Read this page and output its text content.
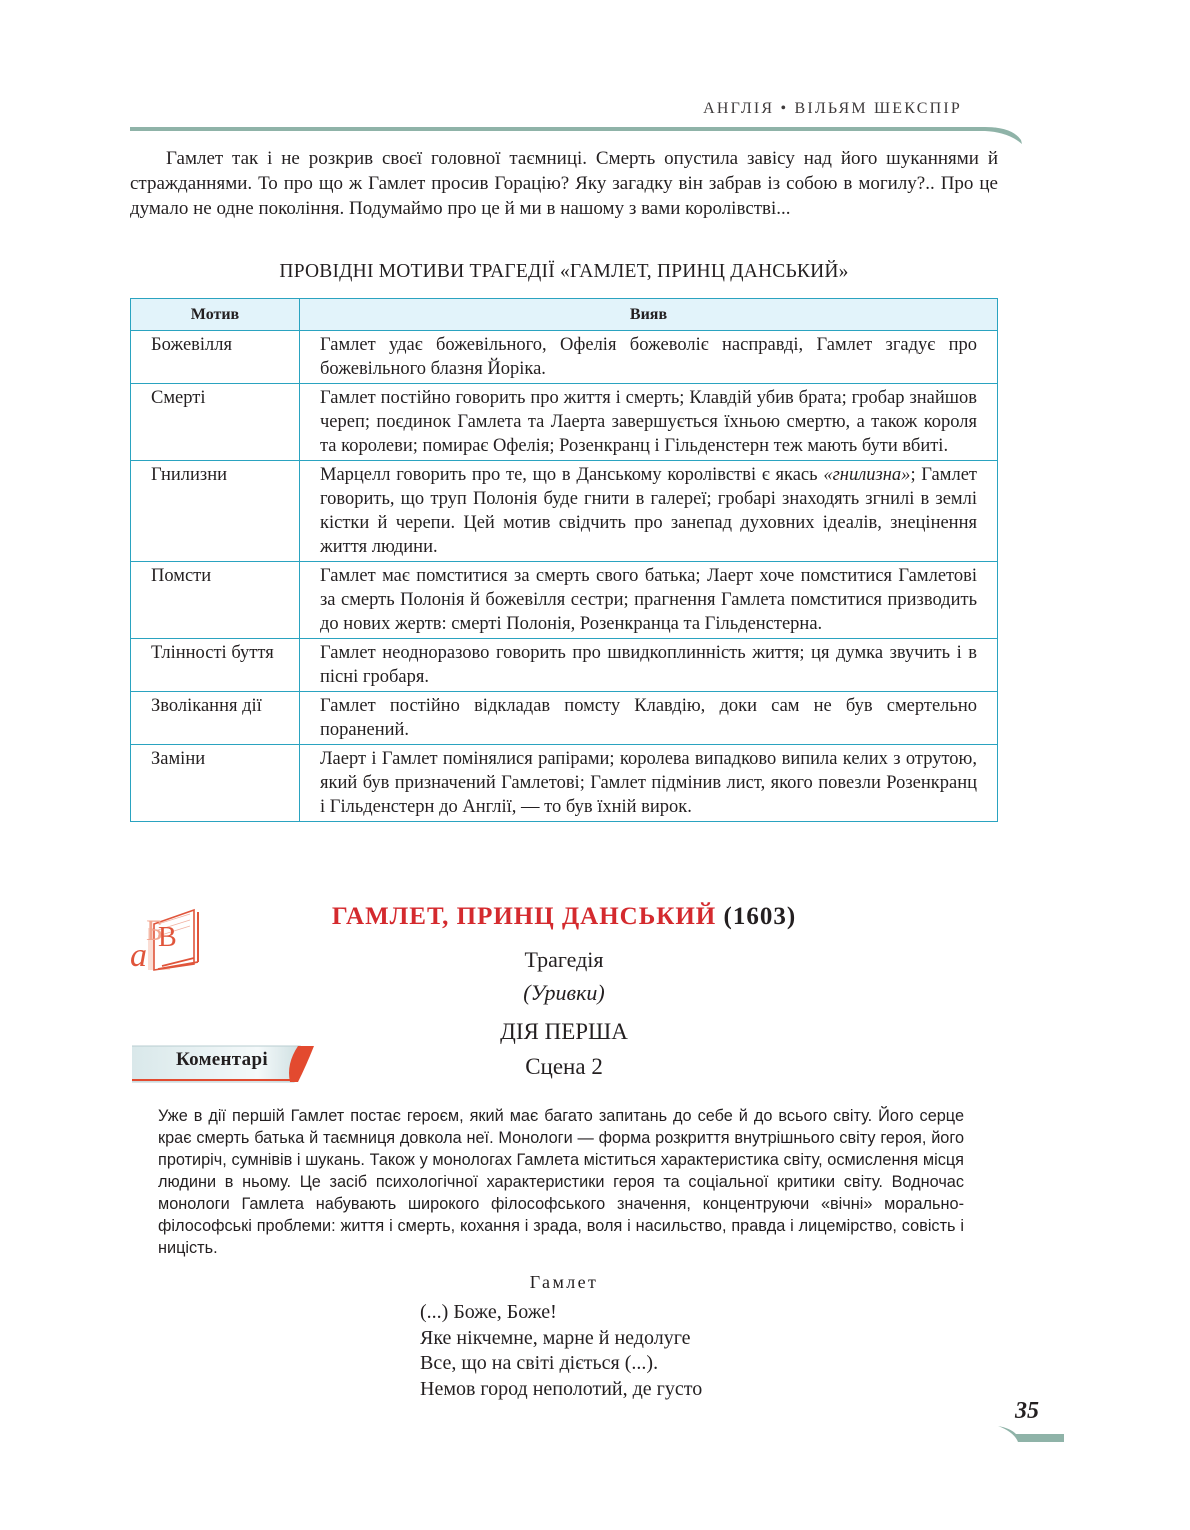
АНГЛІЯ • ВІЛЬЯМ ШЕКСПІР

Гамлет так і не розкрив своєї головної таємниці. Смерть опустила завісу над його шуканнями й стражданнями. То про що ж Гамлет просив Горацію? Яку загадку він забрав із собою в могилу?.. Про це думало не одне покоління. Подумаймо про це й ми в нашому з вами королівстві...

ПРОВІДНІ МОТИВИ ТРАГЕДІЇ «ГАМЛЕТ, ПРИНЦ ДАНСЬКИЙ»
Мотив	Вияв
Божевілля	Гамлет удає божевільного, Офелія божеволіє насправді, Гамлет згадує про божевільного блазня Йоріка.
Смерті	Гамлет постійно говорить про життя і смерть; Клавдій убив брата; гробар знайшов череп; поєдинок Гамлета та Лаерта завершується їхньою смертю, а також короля та королеви; помирає Офелія; Розенкранц і Гільденстерн теж мають бути вбиті.
Гнилизни	Марцелл говорить про те, що в Данському королівстві є якась «гнилизна»; Гамлет говорить, що труп Полонія буде гнити в галереї; гробарі знаходять згнилі в землі кістки й черепи. Цей мотив свідчить про занепад духовних ідеалів, знецінення життя людини.
Помсти	Гамлет має помститися за смерть свого батька; Лаерт хоче помститися Гамлетові за смерть Полонія й божевілля сестри; прагнення Гамлета помститися призводить до нових жертв: смерті Полонія, Розенкранца та Гільденстерна.
Тлінності буття	Гамлет неодноразово говорить про швидкоплинність життя; ця думка звучить і в пісні гробаря.
Зволікання дії	Гамлет постійно відкладав помсту Клавдію, доки сам не був смертельно поранений.
Заміни	Лаерт і Гамлет помінялися рапірами; королева випадково випила келих з отрутою, який був призначений Гамлетові; Гамлет підмінив лист, якого повезли Розенкранц і Гільденстерн до Англії, — то був їхній вирок.
a
Б
В
ГАМЛЕТ, ПРИНЦ ДАНСЬКИЙ (1603)
Трагедія
(Уривки)
ДІЯ ПЕРША
Сцена 2
Коментарі

Уже в дії першій Гамлет постає героєм, який має багато запитань до себе й до всього світу. Його серце крає смерть батька й таємниця довкола неї. Монологи — форма розкриття внутрішнього світу героя, його протиріч, сумнівів і шукань. Також у монологах Гамлета міститься характеристика світу, осмислення місця людини в ньому. Це засіб психологічної характеристики героя та соціальної критики світу. Водночас монологи Гамлета набувають широкого філософського значення, концентруючи «вічні» морально-філософські проблеми: життя і смерть, кохання і зрада, воля і насильство, правда і лицемірство, совість і ницість.

Гамлет
(...) Боже, Боже!
Яке нікчемне, марне й недолуге
Все, що на світі діється (...).
Немов город неполотий, де густо
35
